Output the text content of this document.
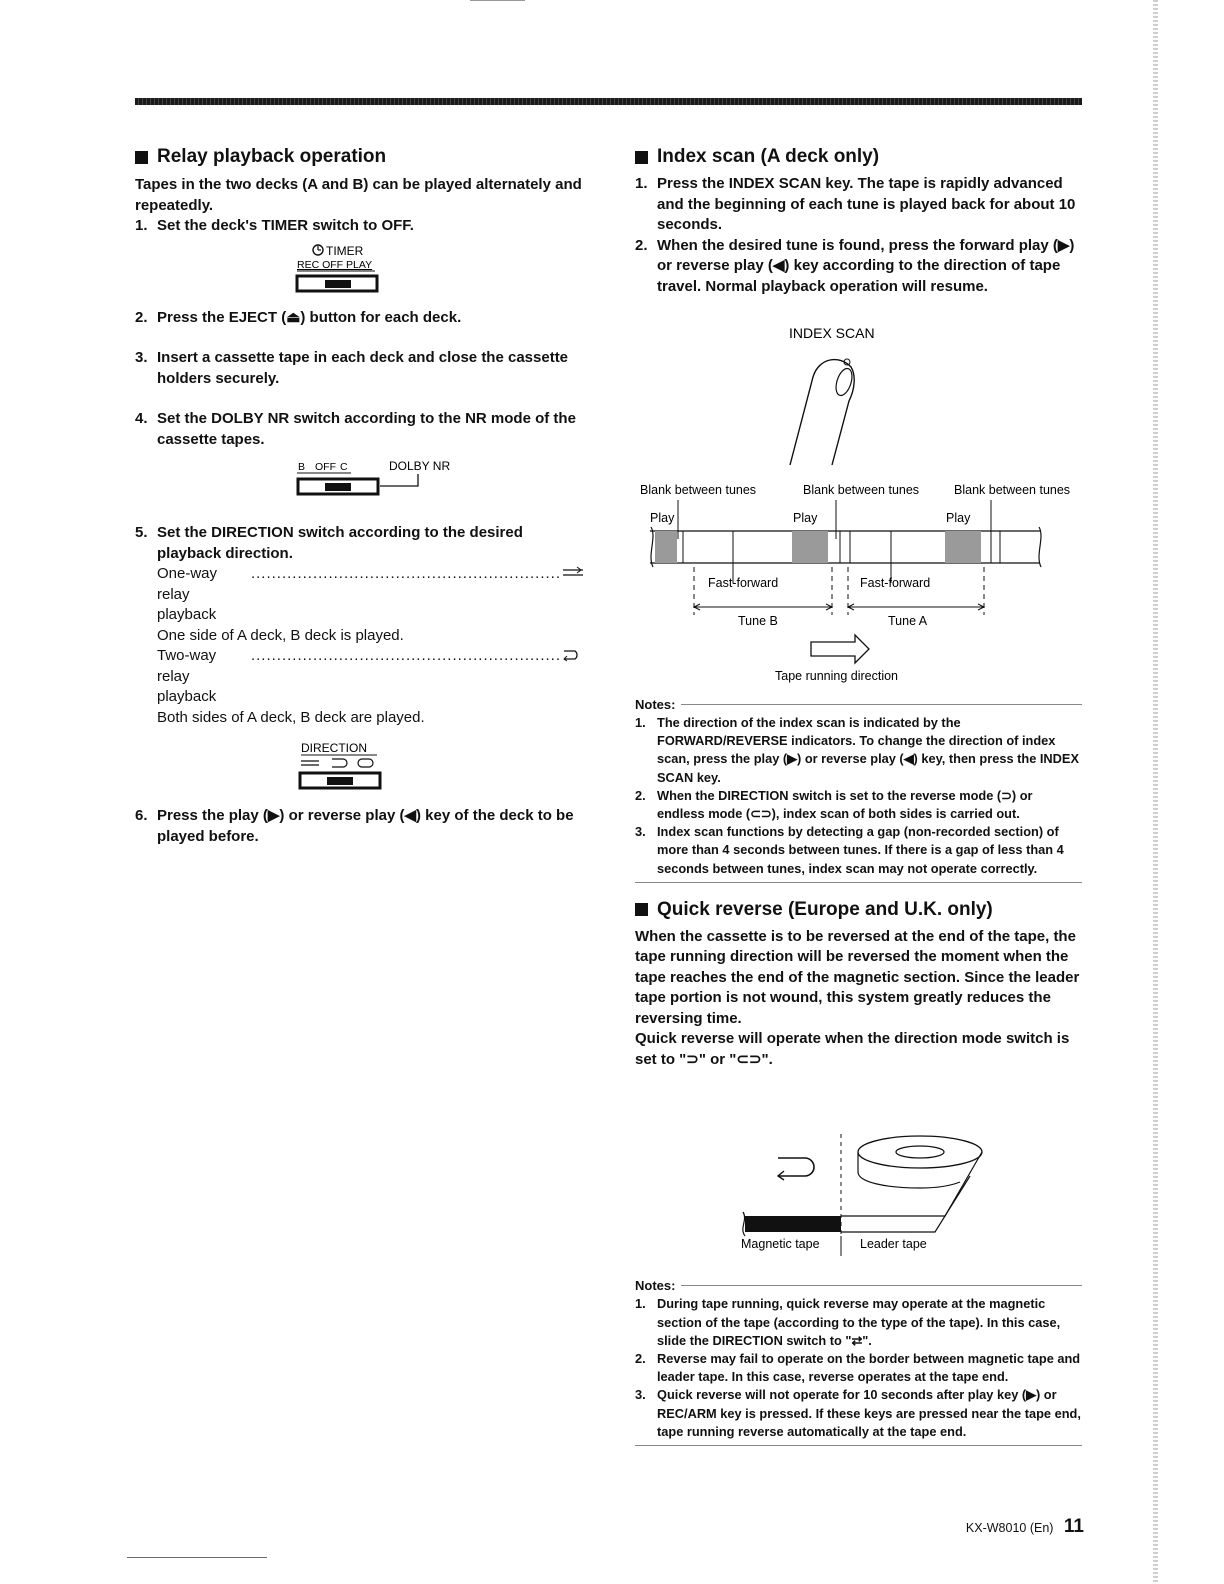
Relay playback operation
Tapes in the two decks (A and B) can be played alternately and repeatedly.
1. Set the deck's TIMER switch to OFF.
TIMER
REC OFF PLAY
2. Press the EJECT (⏏) button for each deck.
3. Insert a cassette tape in each deck and close the cassette holders securely.
4. Set the DOLBY NR switch according to the NR mode of the cassette tapes.
B OFF C	DOLBY NR
5. Set the DIRECTION switch according to the desired playback direction.
One-way relay playback
............................................................
One side of A deck, B deck is played.
Two-way relay playback
............................................................
Both sides of A deck, B deck are played.
DIRECTION
6. Press the play (▶) or reverse play (◀) key of the deck to be played before.
Index scan (A deck only)
1. Press the INDEX SCAN key. The tape is rapidly advanced and the beginning of each tune is played back for about 10 seconds.
2. When the desired tune is found, press the forward play (▶) or reverse play (◀) key according to the direction of tape travel. Normal playback operation will resume.
INDEX SCAN
Blank between tunes	Blank between tunes	Blank between tunes
Play	Play	Play
Fast-forward	Fast-forward
Tune B	Tune A
Tape running direction
Notes:
1. The direction of the index scan is indicated by the FORWARD/REVERSE indicators. To change the direction of index scan, press the play (▶) or reverse play (◀) key, then press the INDEX SCAN key.
2. When the DIRECTION switch is set to the reverse mode (⊃) or endless mode (⊂⊃), index scan of both sides is carried out.
3. Index scan functions by detecting a gap (non-recorded section) of more than 4 seconds between tunes. If there is a gap of less than 4 seconds between tunes, index scan may not operate correctly.
Quick reverse (Europe and U.K. only)
When the cassette is to be reversed at the end of the tape, the tape running direction will be reversed the moment when the tape reaches the end of the magnetic section. Since the leader tape portion is not wound, this system greatly reduces the reversing time.
Quick reverse will operate when the direction mode switch is set to "⊃" or "⊂⊃".
Magnetic tape	Leader tape
Notes:
1. During tape running, quick reverse may operate at the magnetic section of the tape (according to the type of the tape). In this case, slide the DIRECTION switch to "⇄".
2. Reverse may fail to operate on the border between magnetic tape and leader tape. In this case, reverse operates at the tape end.
3. Quick reverse will not operate for 10 seconds after play key (▶) or REC/ARM key is pressed. If these keys are pressed near the tape end, tape running reverse automatically at the tape end.
KX-W8010 (En) 11
